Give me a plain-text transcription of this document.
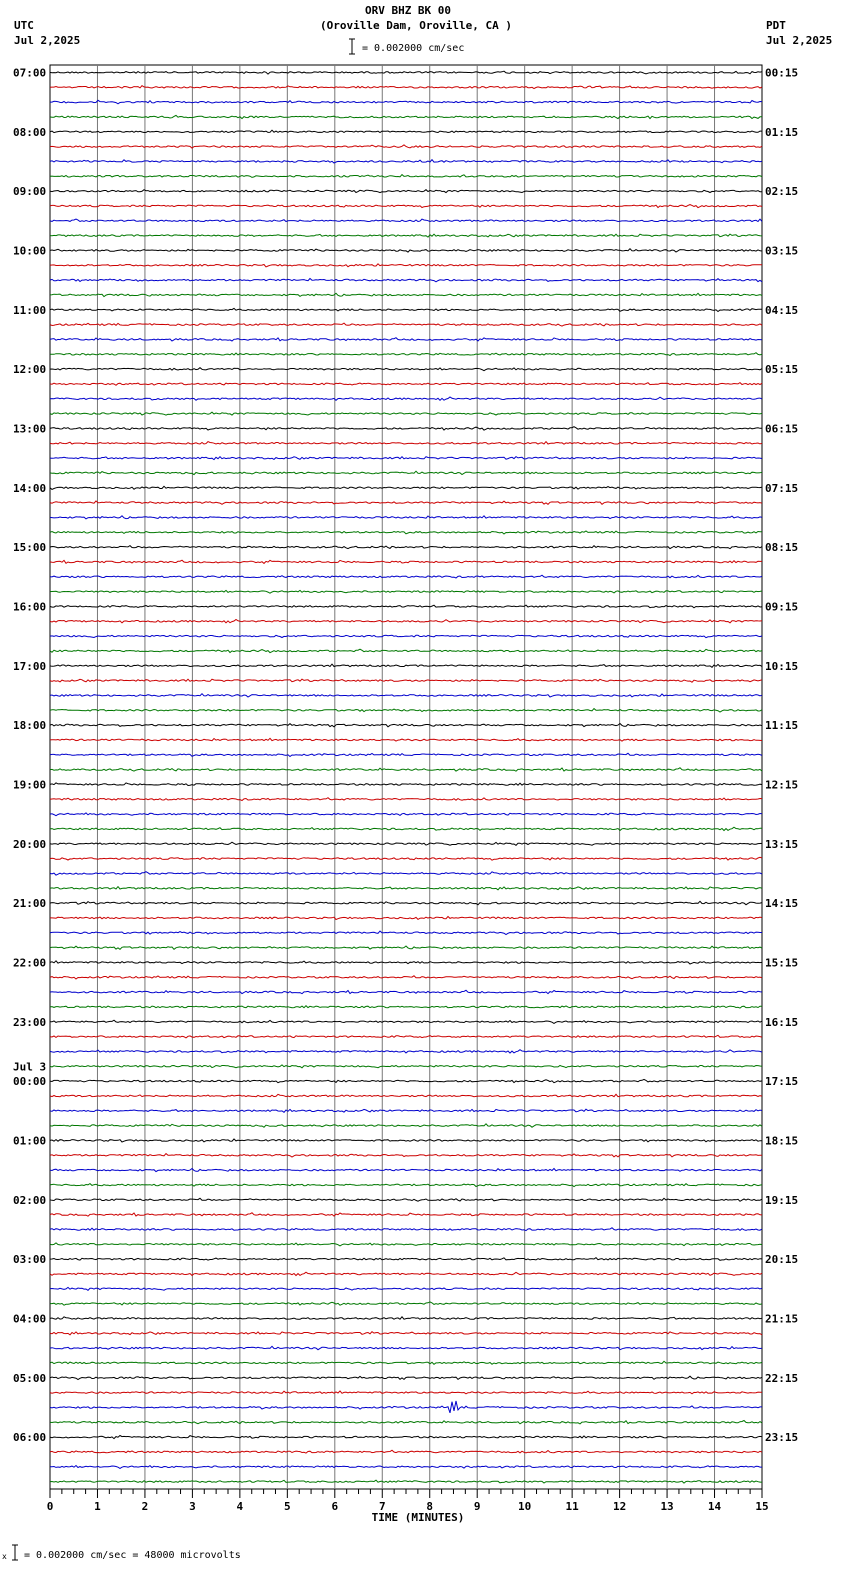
ORV BHZ BK 00
(Oroville Dam, Oroville, CA )
UTC
Jul 2,2025
PDT
Jul 2,2025
= 0.002000 cm/sec
07:00
08:00
09:00
10:00
11:00
12:00
13:00
14:00
15:00
16:00
17:00
18:00
19:00
20:00
21:00
22:00
23:00
00:00
01:00
02:00
03:00
04:00
05:00
06:00
Jul 3
00:15
01:15
02:15
03:15
04:15
05:15
06:15
07:15
08:15
09:15
10:15
11:15
12:15
13:15
14:15
15:15
16:15
17:15
18:15
19:15
20:15
21:15
22:15
23:15
0	1	2	3	4	5	6	7	8	9	10	11	12	13	14	15
TIME (MINUTES)
x = 0.002000 cm/sec = 48000 microvolts
